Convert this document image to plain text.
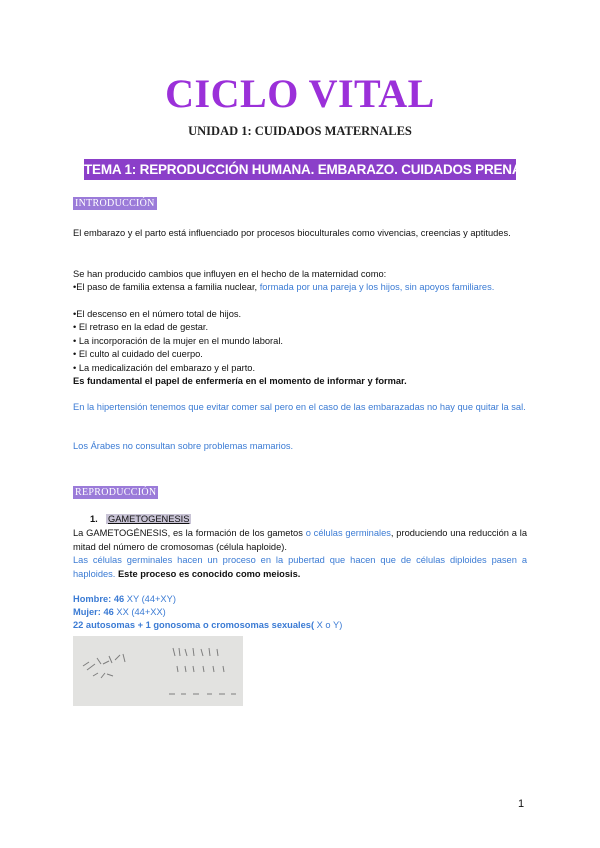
CICLO VITAL
UNIDAD 1: CUIDADOS MATERNALES
TEMA 1: REPRODUCCIÓN HUMANA. EMBARAZO. CUIDADOS PRENATALES
INTRODUCCIÓN
El embarazo y el parto está influenciado por procesos bioculturales como vivencias, creencias y aptitudes.
Se han producido cambios que influyen en el hecho de la maternidad como:
•El paso de familia extensa a familia nuclear, formada por una pareja y los hijos, sin apoyos familiares.
•El descenso en el número total de hijos.
• El retraso en la edad de gestar.
• La incorporación de la mujer en el mundo laboral.
• El culto al cuidado del cuerpo.
• La medicalización del embarazo y el parto.
Es fundamental el papel de enfermería en el momento de informar y formar.
En la hipertensión tenemos que evitar comer sal pero en el caso de las embarazadas no hay que quitar la sal.
Los Árabes no consultan sobre problemas mamarios.
REPRODUCCIÓN
1. GAMETOGENESIS
La GAMETOGÉNESIS, es la formación de los gametos o células germinales, produciendo una reducción a la mitad del número de cromosomas (célula haploide).
Las células germinales hacen un proceso en la pubertad que hacen que de células diploides pasen a haploides. Este proceso es conocido como meiosis.
Hombre: 46 XY (44+XY)
Mujer: 46 XX (44+XX)
22 autosomas + 1 gonosoma o cromosomas sexuales( X o Y)
1
